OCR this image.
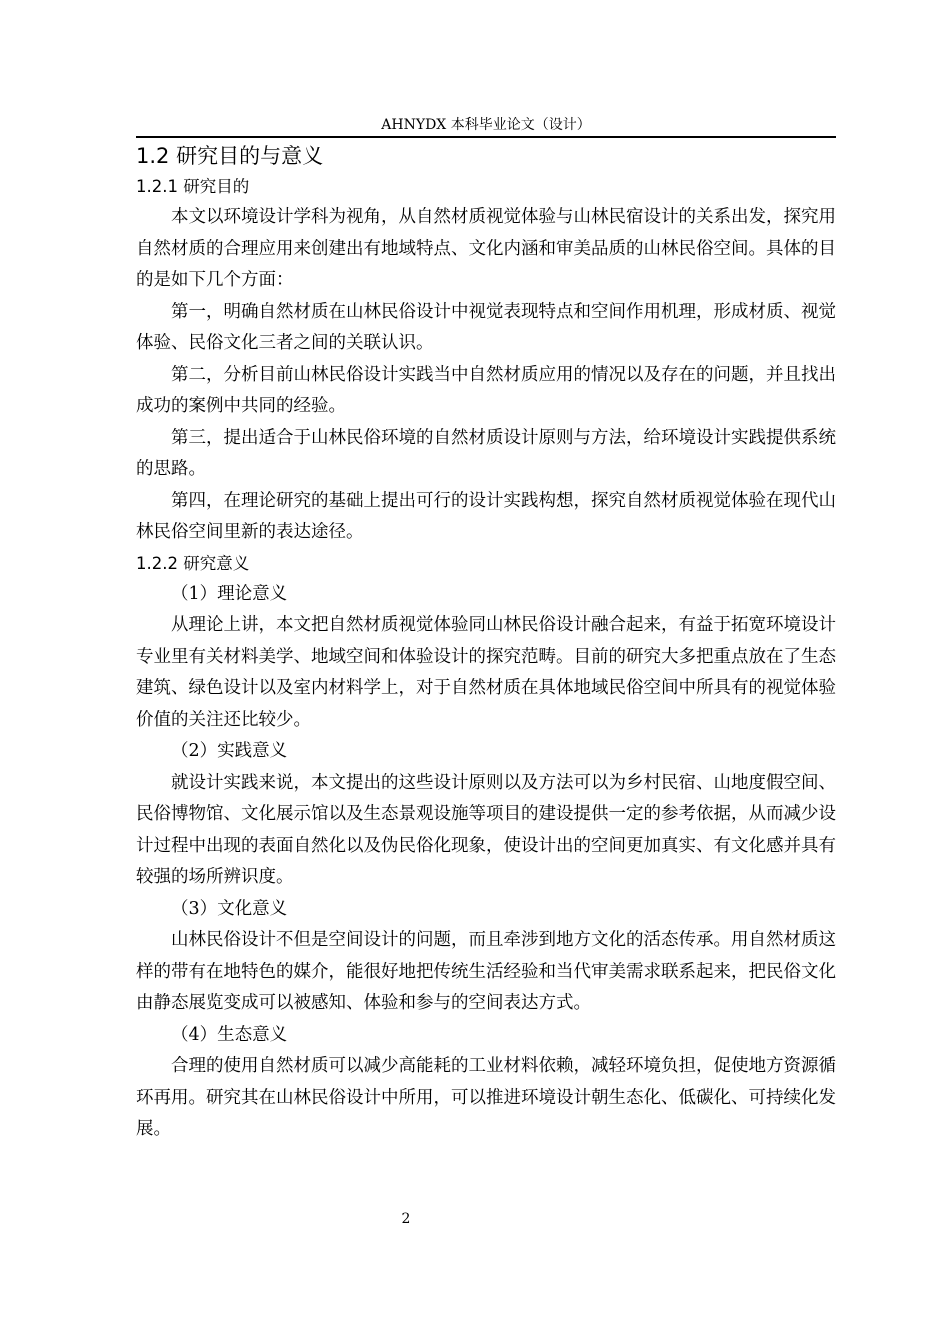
AHNYDX 本科毕业论文（设计）
1.2 研究目的与意义
1.2.1 研究目的

本文以环境设计学科为视角，从自然材质视觉体验与山林民宿设计的关系出发，探究用自然材质的合理应用来创建出有地域特点、文化内涵和审美品质的山林民俗空间。具体的目的是如下几个方面：

第一，明确自然材质在山林民俗设计中视觉表现特点和空间作用机理，形成材质、视觉体验、民俗文化三者之间的关联认识。

第二，分析目前山林民俗设计实践当中自然材质应用的情况以及存在的问题，并且找出成功的案例中共同的经验。

第三，提出适合于山林民俗环境的自然材质设计原则与方法，给环境设计实践提供系统的思路。

第四，在理论研究的基础上提出可行的设计实践构想，探究自然材质视觉体验在现代山林民俗空间里新的表达途径。

1.2.2 研究意义

（1）理论意义

从理论上讲，本文把自然材质视觉体验同山林民俗设计融合起来，有益于拓宽环境设计专业里有关材料美学、地域空间和体验设计的探究范畴。目前的研究大多把重点放在了生态建筑、绿色设计以及室内材料学上，对于自然材质在具体地域民俗空间中所具有的视觉体验价值的关注还比较少。

（2）实践意义

就设计实践来说，本文提出的这些设计原则以及方法可以为乡村民宿、山地度假空间、民俗博物馆、文化展示馆以及生态景观设施等项目的建设提供一定的参考依据，从而减少设计过程中出现的表面自然化以及伪民俗化现象，使设计出的空间更加真实、有文化感并具有较强的场所辨识度。

（3）文化意义

山林民俗设计不但是空间设计的问题，而且牵涉到地方文化的活态传承。用自然材质这样的带有在地特色的媒介，能很好地把传统生活经验和当代审美需求联系起来，把民俗文化由静态展览变成可以被感知、体验和参与的空间表达方式。

（4）生态意义

合理的使用自然材质可以减少高能耗的工业材料依赖，减轻环境负担，促使地方资源循环再用。研究其在山林民俗设计中所用，可以推进环境设计朝生态化、低碳化、可持续化发展。

2
